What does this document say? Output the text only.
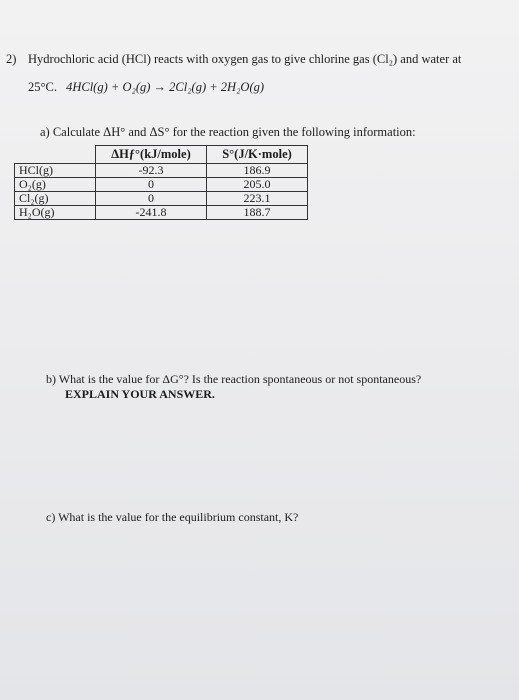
2) Hydrochloric acid (HCl) reacts with oxygen gas to give chlorine gas (Cl₂) and water at
25°C. 4HCl(g) + O₂(g) → 2Cl₂(g) + 2H₂O(g)
a) Calculate ΔH° and ΔS° for the reaction given the following information:
	ΔHƒ°(kJ/mole)	S°(J/K·mole)
HCl(g)	-92.3	186.9
O₂(g)	0	205.0
Cl₂(g)	0	223.1
H₂O(g)	-241.8	188.7
b) What is the value for ΔG°? Is the reaction spontaneous or not spontaneous?
EXPLAIN YOUR ANSWER.
c) What is the value for the equilibrium constant, K?
